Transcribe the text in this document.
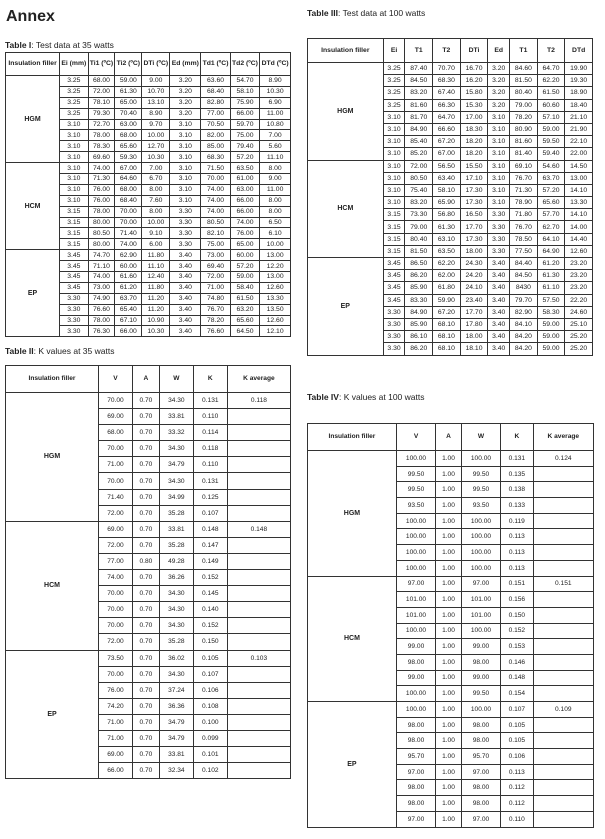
Annex
Table I: Test data at 35 watts
Insulation filler	Ei (mm)	Ti1 (ºC)	Ti2 (ºC)	DTi (ºC)	Ed (mm)	Td1 (ºC)	Td2 (ºC)	DTd (ºC)
HGM	3.25	68.00	59.00	9.00	3.20	63.60	54.70	8.90
	3.25	72.00	61.30	10.70	3.20	68.40	58.10	10.30
	3.25	78.10	65.00	13.10	3.20	82.80	75.90	6.90
	3.25	79.30	70.40	8.90	3.20	77.00	66.00	11.00
	3.10	72.70	63.00	9.70	3.10	70.50	59.70	10.80
	3.10	78.00	68.00	10.00	3.10	82.00	75.00	7.00
	3.10	78.30	65.60	12.70	3.10	85.00	79.40	5.60
	3.10	69.60	59.30	10.30	3.10	68.30	57.20	11.10
HCM	3.10	74.00	67.00	7.00	3.10	71.50	63.50	8.00
	3.10	71.30	64.60	6.70	3.10	70.00	61.00	9.00
	3.10	76.00	68.00	8.00	3.10	74.00	63.00	11.00
	3.10	76.00	68.40	7.60	3.10	74.00	66.00	8.00
	3.15	78.00	70.00	8.00	3.30	74.00	66.00	8.00
	3.15	80.00	70.00	10.00	3.30	80.50	74.00	6.50
	3.15	80.50	71.40	9.10	3.30	82.10	76.00	6.10
	3.15	80.00	74.00	6.00	3.30	75.00	65.00	10.00
EP	3.45	74.70	62.90	11.80	3.40	73.00	60.00	13.00
	3.45	71.10	60.00	11.10	3.40	69.40	57.20	12.20
	3.45	74.00	61.60	12.40	3.40	72.00	59.00	13.00
	3.45	73.00	61.20	11.80	3.40	71.00	58.40	12.60
	3.30	74.90	63.70	11.20	3.40	74.80	61.50	13.30
	3.30	76.60	65.40	11.20	3.40	76.70	63.20	13.50
	3.30	78.00	67.10	10.90	3.40	78.20	65.60	12.60
	3.30	76.30	66.00	10.30	3.40	76.60	64.50	12.10
Table III: Test data at 100 watts
Insulation filler	Ei	T1	T2	DTi	Ed	T1	T2	DTd
HGM	3.25	87.40	70.70	16.70	3.20	84.60	64.70	19.90
	3.25	84.50	68.30	16.20	3.20	81.50	62.20	19.30
	3.25	83.20	67.40	15.80	3.20	80.40	61.50	18.90
	3.25	81.60	66.30	15.30	3.20	79.00	60.60	18.40
	3.10	81.70	64.70	17.00	3.10	78.20	57.10	21.10
	3.10	84.90	66.60	18.30	3.10	80.90	59.00	21.90
	3.10	85.40	67.20	18.20	3.10	81.60	59.50	22.10
	3.10	85.20	67.00	18.20	3.10	81.40	59.40	22.00
HCM	3.10	72.00	56.50	15.50	3.10	69.10	54.60	14.50
	3.10	80.50	63.40	17.10	3.10	76.70	63.70	13.00
	3.10	75.40	58.10	17.30	3.10	71.30	57.20	14.10
	3.10	83.20	65.90	17.30	3.10	78.90	65.60	13.30
	3.15	73.30	56.80	16.50	3.30	71.80	57.70	14.10
	3.15	79.00	61.30	17.70	3.30	76.70	62.70	14.00
	3.15	80.40	63.10	17.30	3.30	78.50	64.10	14.40
	3.15	81.50	63.50	18.00	3.30	77.50	64.90	12.60
EP	3.45	86.50	62.20	24.30	3.40	84.40	61.20	23.20
	3.45	86.20	62.00	24.20	3.40	84.50	61.30	23.20
	3.45	85.90	61.80	24.10	3.40	8430	61.10	23.20
	3.45	83.30	59.90	23.40	3.40	79.70	57.50	22.20
	3.30	84.90	67.20	17.70	3.40	82.90	58.30	24.60
	3.30	85.90	68.10	17.80	3.40	84.10	59.00	25.10
	3.30	86.10	68.10	18.00	3.40	84.20	59.00	25.20
	3.30	86.20	68.10	18.10	3.40	84.20	59.00	25.20
Table II: K values at 35 watts
Insulation filler	V	A	W	K	K average
HGM	70.00	0.70	34.30	0.131	0.118
	69.00	0.70	33.81	0.110	
	68.00	0.70	33.32	0.114	
	70.00	0.70	34.30	0.118	
	71.00	0.70	34.79	0.110	
	70.00	0.70	34.30	0.131	
	71.40	0.70	34.99	0.125	
	72.00	0.70	35.28	0.107	
HCM	69.00	0.70	33.81	0.148	0.148
	72.00	0.70	35.28	0.147	
	77.00	0.80	49.28	0.149	
	74.00	0.70	36.26	0.152	
	70.00	0.70	34.30	0.145	
	70.00	0.70	34.30	0.140	
	70.00	0.70	34.30	0.152	
	72.00	0.70	35.28	0.150	
EP	73.50	0.70	36.02	0.105	0.103
	70.00	0.70	34.30	0.107	
	76.00	0.70	37.24	0.106	
	74.20	0.70	36.36	0.108	
	71.00	0.70	34.79	0.100	
	71.00	0.70	34.79	0.099	
	69.00	0.70	33.81	0.101	
	66.00	0.70	32.34	0.102	
Table IV: K values at 100 watts
Insulation filler	V	A	W	K	K average
HGM	100.00	1.00	100.00	0.131	0.124
	99.50	1.00	99.50	0.135	
	99.50	1.00	99.50	0.138	
	93.50	1.00	93.50	0.133	
	100.00	1.00	100.00	0.119	
	100.00	1.00	100.00	0.113	
	100.00	1.00	100.00	0.113	
	100.00	1.00	100.00	0.113	
HCM	97.00	1.00	97.00	0.151	0.151
	101.00	1.00	101.00	0.156	
	101.00	1.00	101.00	0.150	
	100.00	1.00	100.00	0.152	
	99.00	1.00	99.00	0.153	
	98.00	1.00	98.00	0.146	
	99.00	1.00	99.00	0.148	
	100.00	1.00	99.50	0.154	
EP	100.00	1.00	100.00	0.107	0.109
	98.00	1.00	98.00	0.105	
	98.00	1.00	98.00	0.105	
	95.70	1.00	95.70	0.106	
	97.00	1.00	97.00	0.113	
	98.00	1.00	98.00	0.112	
	98.00	1.00	98.00	0.112	
	97.00	1.00	97.00	0.110	
